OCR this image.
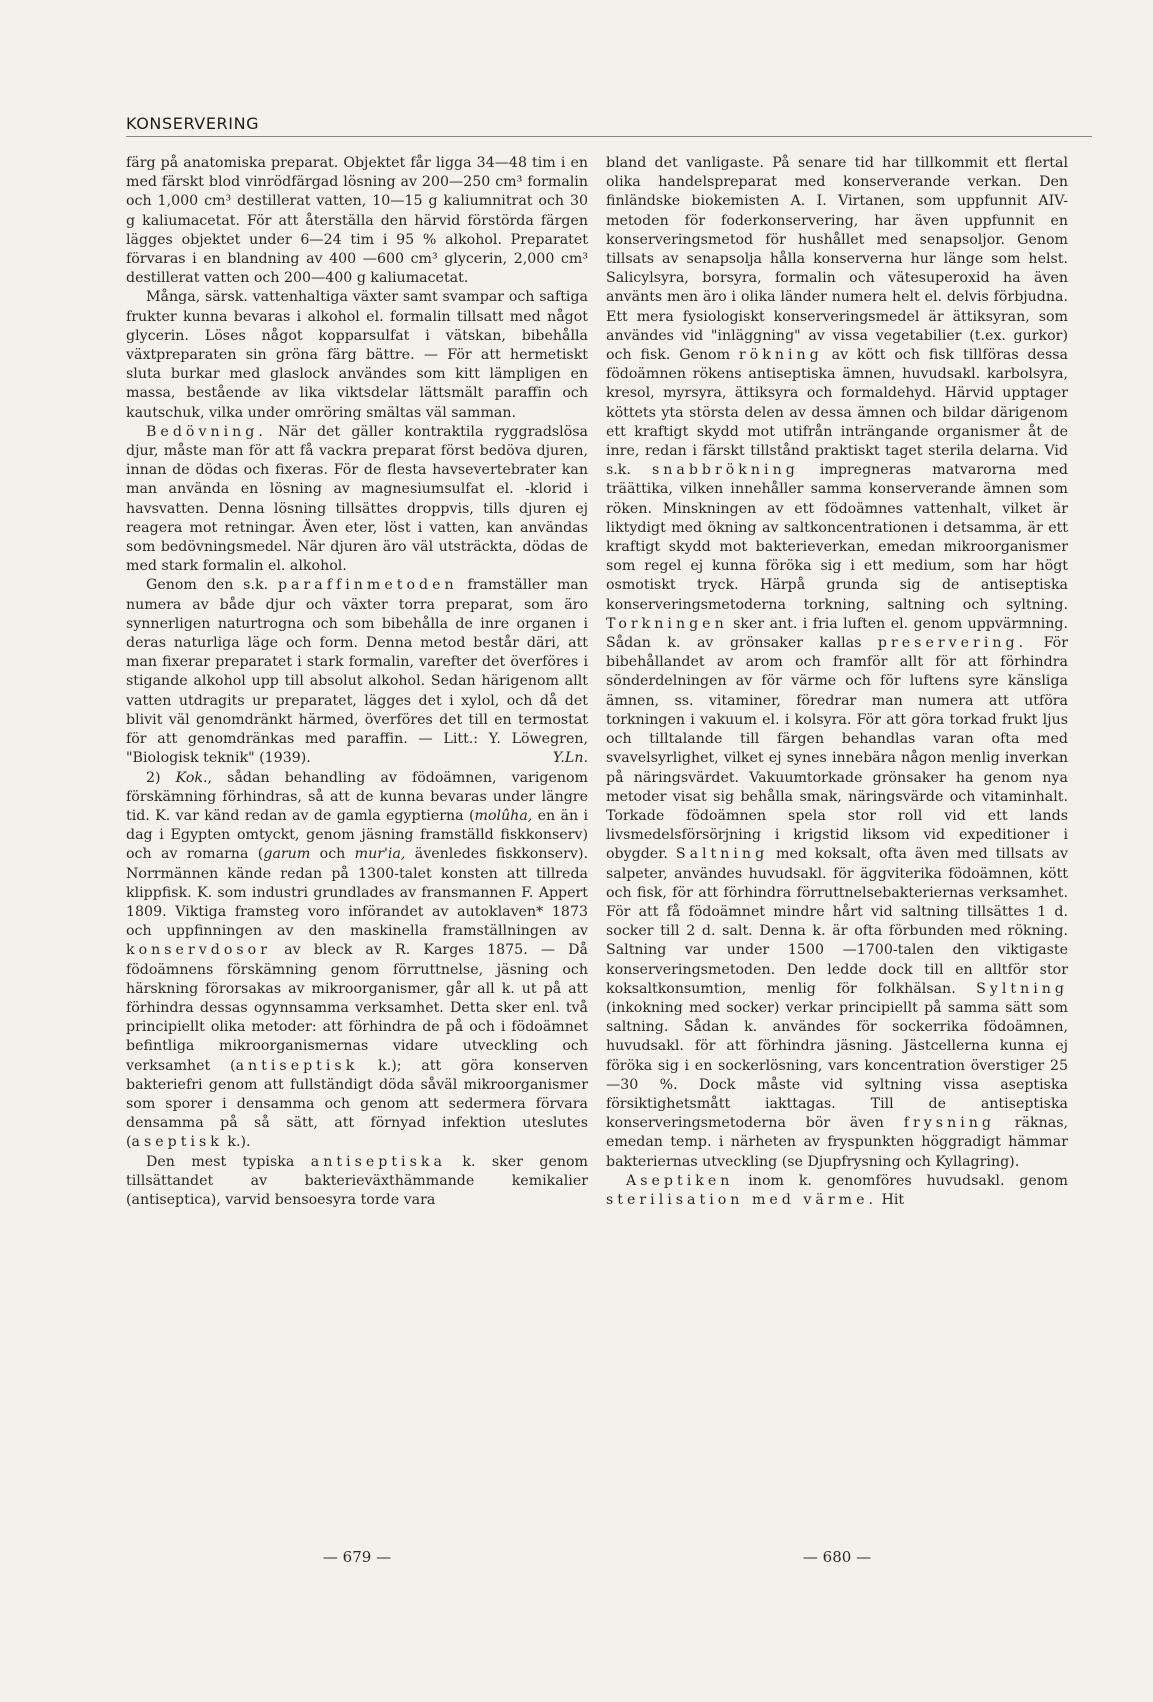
KONSERVERING

färg på anatomiska preparat. Objektet får ligga 34—48 tim i en med färskt blod vinrödfärgad lösning av 200—250 cm³ formalin och 1,000 cm³ destillerat vatten, 10—15 g kaliumnitrat och 30 g kaliumacetat. För att återställa den härvid förstörda färgen lägges objektet under 6—24 tim i 95 % alkohol. Preparatet förvaras i en blandning av 400 —600 cm³ glycerin, 2,000 cm³ destillerat vatten och 200—400 g kaliumacetat.

Många, särsk. vattenhaltiga växter samt svampar och saftiga frukter kunna bevaras i alkohol el. formalin tillsatt med något glycerin. Löses något kopparsulfat i vätskan, bibehålla växtpreparaten sin gröna färg bättre. — För att hermetiskt sluta burkar med glaslock användes som kitt lämpligen en massa, bestående av lika viktsdelar lättsmält paraffin och kautschuk, vilka under omröring smältas väl samman.

Bedövning. När det gäller kontraktila ryggradslösa djur, måste man för att få vackra preparat först bedöva djuren, innan de dödas och fixeras. För de flesta havsevertebrater kan man använda en lösning av magnesiumsulfat el. -klorid i havsvatten. Denna lösning tillsättes droppvis, tills djuren ej reagera mot retningar. Även eter, löst i vatten, kan användas som bedövningsmedel. När djuren äro väl utsträckta, dödas de med stark formalin el. alkohol.

Genom den s.k. paraffinmetoden framställer man numera av både djur och växter torra preparat, som äro synnerligen naturtrogna och som bibehålla de inre organen i deras naturliga läge och form. Denna metod består däri, att man fixerar preparatet i stark formalin, varefter det överföres i stigande alkohol upp till absolut alkohol. Sedan härigenom allt vatten utdragits ur preparatet, lägges det i xylol, och då det blivit väl genomdränkt härmed, överföres det till en termostat för att genomdränkas med paraffin. — Litt.: Y. Löwegren, "Biologisk teknik" (1939).	Y.Ln.

2) Kok., sådan behandling av födoämnen, varigenom förskämning förhindras, så att de kunna bevaras under längre tid. K. var känd redan av de gamla egyptierna (molûha, en än i dag i Egypten omtyckt, genom jäsning framställd fiskkonserv) och av romarna (garum och mur'ia, ävenledes fiskkonserv). Norrmännen kände redan på 1300-talet konsten att tillreda klippfisk. K. som industri grundlades av fransmannen F. Appert 1809. Viktiga framsteg voro införandet av autoklaven* 1873 och uppfinningen av den maskinella framställningen av konservdosor av bleck av R. Karges 1875. — Då födoämnens förskämning genom förruttnelse, jäsning och härskning förorsakas av mikroorganismer, går all k. ut på att förhindra dessas ogynnsamma verksamhet. Detta sker enl. två principiellt olika metoder: att förhindra de på och i födoämnet befintliga mikroorganismernas vidare utveckling och verksamhet (antiseptisk k.); att göra konserven bakteriefri genom att fullständigt döda såväl mikroorganismer som sporer i densamma och genom att sedermera förvara densamma på så sätt, att förnyad infektion uteslutes (aseptisk k.).

Den mest typiska antiseptiska k. sker genom tillsättandet av bakterieväxthämmande kemikalier (antiseptica), varvid bensoesyra torde vara

bland det vanligaste. På senare tid har tillkommit ett flertal olika handelspreparat med konserverande verkan. Den finländske biokemisten A. I. Virtanen, som uppfunnit AIV-metoden för foderkonservering, har även uppfunnit en konserveringsmetod för hushållet med senapsoljor. Genom tillsats av senapsolja hålla konserverna hur länge som helst. Salicylsyra, borsyra, formalin och vätesuperoxid ha även använts men äro i olika länder numera helt el. delvis förbjudna. Ett mera fysiologiskt konserveringsmedel är ättiksyran, som användes vid "inläggning" av vissa vegetabilier (t.ex. gurkor) och fisk. Genom rökning av kött och fisk tillföras dessa födoämnen rökens antiseptiska ämnen, huvudsakl. karbolsyra, kresol, myrsyra, ättiksyra och formaldehyd. Härvid upptager köttets yta största delen av dessa ämnen och bildar därigenom ett kraftigt skydd mot utifrån inträngande organismer åt de inre, redan i färskt tillstånd praktiskt taget sterila delarna. Vid s.k. snabbrökning impregneras matvarorna med träättika, vilken innehåller samma konserverande ämnen som röken. Minskningen av ett födoämnes vattenhalt, vilket är liktydigt med ökning av saltkoncentrationen i detsamma, är ett kraftigt skydd mot bakterieverkan, emedan mikroorganismer som regel ej kunna föröka sig i ett medium, som har högt osmotiskt tryck. Härpå grunda sig de antiseptiska konserveringsmetoderna torkning, saltning och syltning. Torkningen sker ant. i fria luften el. genom uppvärmning. Sådan k. av grönsaker kallas preservering. För bibehållandet av arom och framför allt för att förhindra sönderdelningen av för värme och för luftens syre känsliga ämnen, ss. vitaminer, föredrar man numera att utföra torkningen i vakuum el. i kolsyra. För att göra torkad frukt ljus och tilltalande till färgen behandlas varan ofta med svavelsyrlighet, vilket ej synes innebära någon menlig inverkan på näringsvärdet. Vakuumtorkade grönsaker ha genom nya metoder visat sig behålla smak, näringsvärde och vitaminhalt. Torkade födoämnen spela stor roll vid ett lands livsmedelsförsörjning i krigstid liksom vid expeditioner i obygder. Saltning med koksalt, ofta även med tillsats av salpeter, användes huvudsakl. för äggviterika födoämnen, kött och fisk, för att förhindra förruttnelsebakteriernas verksamhet. För att få födoämnet mindre hårt vid saltning tillsättes 1 d. socker till 2 d. salt. Denna k. är ofta förbunden med rökning. Saltning var under 1500 —1700-talen den viktigaste konserveringsmetoden. Den ledde dock till en alltför stor koksaltkonsumtion, menlig för folkhälsan. Syltning (inkokning med socker) verkar principiellt på samma sätt som saltning. Sådan k. användes för sockerrika födoämnen, huvudsakl. för att förhindra jäsning. Jästcellerna kunna ej föröka sig i en sockerlösning, vars koncentration överstiger 25—30 %. Dock måste vid syltning vissa aseptiska försiktighetsmått iakttagas. Till de antiseptiska konserveringsmetoderna bör även frysning räknas, emedan temp. i närheten av fryspunkten höggradigt hämmar bakteriernas utveckling (se Djupfrysning och Kyllagring).

Aseptiken inom k. genomföres huvudsakl. genom sterilisation med värme. Hit

— 679 —	— 680 —
